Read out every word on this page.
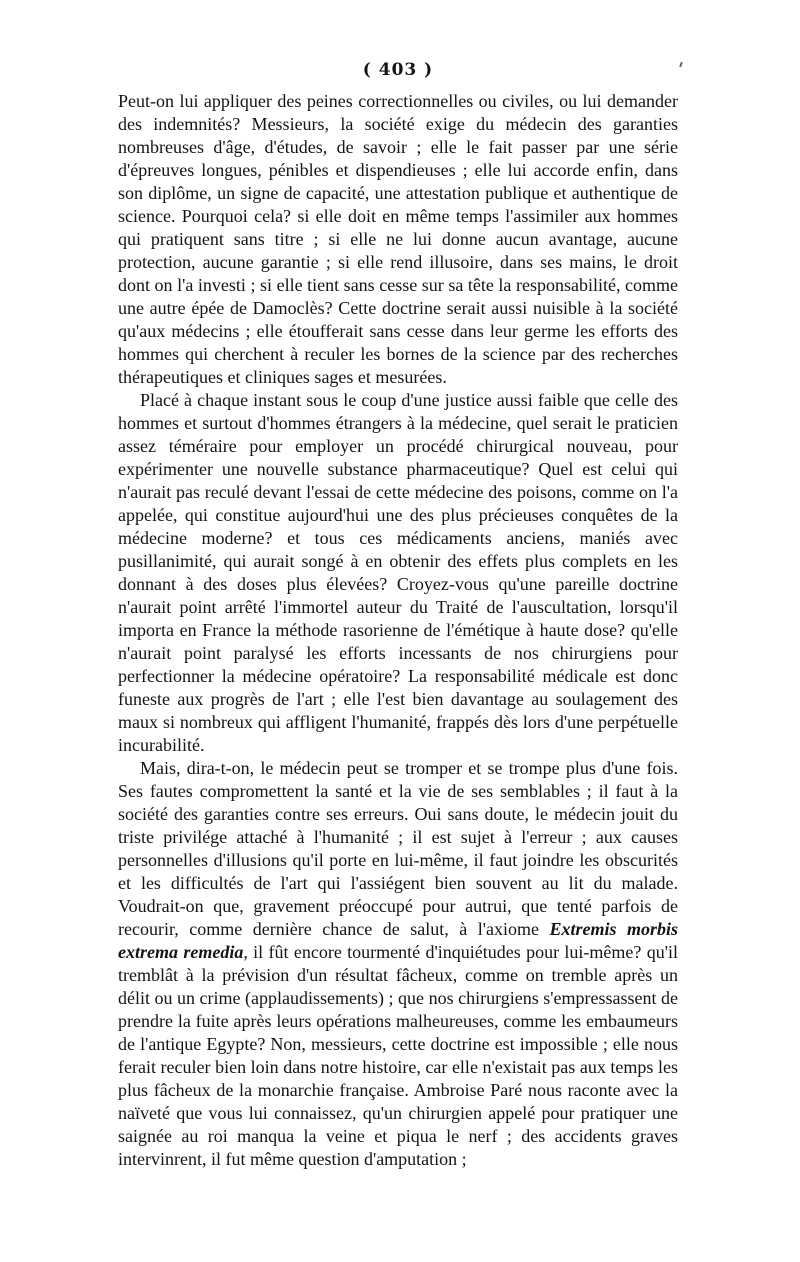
( 403 )

Peut-on lui appliquer des peines correctionnelles ou civiles, ou lui demander des indemnités? Messieurs, la société exige du médecin des garanties nombreuses d'âge, d'études, de savoir ; elle le fait passer par une série d'épreuves longues, pénibles et dispendieuses ; elle lui accorde enfin, dans son diplôme, un signe de capacité, une attestation publique et authentique de science. Pourquoi cela? si elle doit en même temps l'assimiler aux hommes qui pratiquent sans titre ; si elle ne lui donne aucun avantage, aucune protection, aucune garantie ; si elle rend illusoire, dans ses mains, le droit dont on l'a investi ; si elle tient sans cesse sur sa tête la responsabilité, comme une autre épée de Damoclès? Cette doctrine serait aussi nuisible à la société qu'aux médecins ; elle étoufferait sans cesse dans leur germe les efforts des hommes qui cherchent à reculer les bornes de la science par des recherches thérapeutiques et cliniques sages et mesurées.

Placé à chaque instant sous le coup d'une justice aussi faible que celle des hommes et surtout d'hommes étrangers à la médecine, quel serait le praticien assez téméraire pour employer un procédé chirurgical nouveau, pour expérimenter une nouvelle substance pharmaceutique? Quel est celui qui n'aurait pas reculé devant l'essai de cette médecine des poisons, comme on l'a appelée, qui constitue aujourd'hui une des plus précieuses conquêtes de la médecine moderne? et tous ces médicaments anciens, maniés avec pusillanimité, qui aurait songé à en obtenir des effets plus complets en les donnant à des doses plus élevées? Croyez-vous qu'une pareille doctrine n'aurait point arrêté l'immortel auteur du Traité de l'auscultation, lorsqu'il importa en France la méthode rasorienne de l'émétique à haute dose? qu'elle n'aurait point paralysé les efforts incessants de nos chirurgiens pour perfectionner la médecine opératoire? La responsabilité médicale est donc funeste aux progrès de l'art ; elle l'est bien davantage au soulagement des maux si nombreux qui affligent l'humanité, frappés dès lors d'une perpétuelle incurabilité.

Mais, dira-t-on, le médecin peut se tromper et se trompe plus d'une fois. Ses fautes compromettent la santé et la vie de ses semblables ; il faut à la société des garanties contre ses erreurs. Oui sans doute, le médecin jouit du triste privilége attaché à l'humanité ; il est sujet à l'erreur ; aux causes personnelles d'illusions qu'il porte en lui-même, il faut joindre les obscurités et les difficultés de l'art qui l'assiégent bien souvent au lit du malade. Voudrait-on que, gravement préoccupé pour autrui, que tenté parfois de recourir, comme dernière chance de salut, à l'axiome Extremis morbis extrema remedia, il fût encore tourmenté d'inquiétudes pour lui-même? qu'il tremblât à la prévision d'un résultat fâcheux, comme on tremble après un délit ou un crime (applaudissements) ; que nos chirurgiens s'empressassent de prendre la fuite après leurs opérations malheureuses, comme les embaumeurs de l'antique Egypte? Non, messieurs, cette doctrine est impossible ; elle nous ferait reculer bien loin dans notre histoire, car elle n'existait pas aux temps les plus fâcheux de la monarchie française. Ambroise Paré nous raconte avec la naïveté que vous lui connaissez, qu'un chirurgien appelé pour pratiquer une saignée au roi manqua la veine et piqua le nerf ; des accidents graves intervinrent, il fut même question d'amputation ;
